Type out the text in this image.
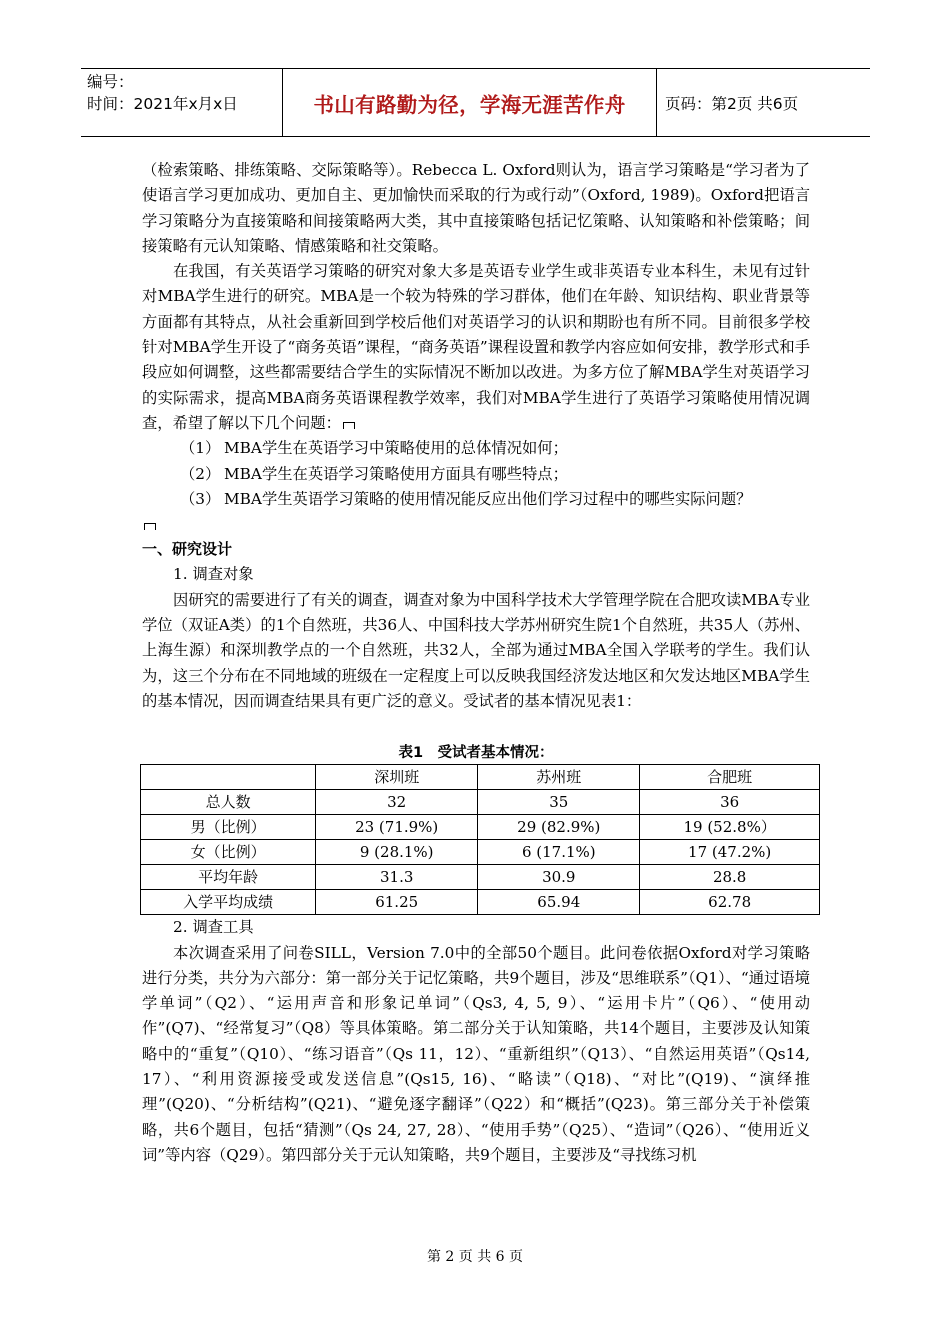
编号：
时间：2021年x月x日	书山有路勤为径，学海无涯苦作舟	页码：第2页 共6页

（检索策略、排练策略、交际策略等）。Rebecca L. Oxford则认为，语言学习策略是“学习者为了使语言学习更加成功、更加自主、更加愉快而采取的行为或行动”（Oxford, 1989)。Oxford把语言学习策略分为直接策略和间接策略两大类，其中直接策略包括记忆策略、认知策略和补偿策略；间接策略有元认知策略、情感策略和社交策略。

在我国，有关英语学习策略的研究对象大多是英语专业学生或非英语专业本科生，未见有过针对MBA学生进行的研究。MBA是一个较为特殊的学习群体，他们在年龄、知识结构、职业背景等方面都有其特点，从社会重新回到学校后他们对英语学习的认识和期盼也有所不同。目前很多学校针对MBA学生开设了“商务英语”课程，“商务英语”课程设置和教学内容应如何安排，教学形式和手段应如何调整，这些都需要结合学生的实际情况不断加以改进。为多方位了解MBA学生对英语学习的实际需求，提高MBA商务英语课程教学效率，我们对MBA学生进行了英语学习策略使用情况调查，希望了解以下几个问题：

（1） MBA学生在英语学习中策略使用的总体情况如何；

（2） MBA学生在英语学习策略使用方面具有哪些特点；

（3） MBA学生英语学习策略的使用情况能反应出他们学习过程中的哪些实际问题？

一、研究设计

1. 调查对象

因研究的需要进行了有关的调查，调查对象为中国科学技术大学管理学院在合肥攻读MBA专业学位（双证A类）的1个自然班，共36人、中国科技大学苏州研究生院1个自然班，共35人（苏州、上海生源）和深圳教学点的一个自然班，共32人，全部为通过MBA全国入学联考的学生。我们认为，这三个分布在不同地域的班级在一定程度上可以反映我国经济发达地区和欠发达地区MBA学生的基本情况，因而调查结果具有更广泛的意义。受试者的基本情况见表1：

表1　受试者基本情况：

	深圳班	苏州班	合肥班
总人数	32	35	36
男（比例）	23 (71.9%)	29 (82.9%)	19 (52.8%）
女（比例）	9 (28.1%)	6 (17.1%)	17 (47.2%)
平均年龄	31.3	30.9	28.8
入学平均成绩	61.25	65.94	62.78

2. 调查工具

本次调查采用了问卷SILL，Version 7.0中的全部50个题目。此问卷依据Oxford对学习策略进行分类，共分为六部分：第一部分关于记忆策略，共9个题目，涉及“思维联系”（Q1）、“通过语境学单词”（Q2）、“运用声音和形象记单词”（Qs3, 4, 5, 9）、“运用卡片”（Q6）、“使用动作”(Q7)、“经常复习”（Q8）等具体策略。第二部分关于认知策略，共14个题目，主要涉及认知策略中的“重复”（Q10）、“练习语音”（Qs 11，12）、“重新组织”（Q13）、“自然运用英语”（Qs14, 17）、“利用资源接受或发送信息”(Qs15, 16)、“略读”（Q18)、“对比”(Q19)、“演绎推理”(Q20)、“分析结构”(Q21)、“避免逐字翻译”（Q22）和“概括”(Q23)。第三部分关于补偿策略，共6个题目，包括“猜测”（Qs 24, 27, 28）、“使用手势”（Q25）、“造词”（Q26）、“使用近义词”等内容（Q29）。第四部分关于元认知策略，共9个题目，主要涉及“寻找练习机

第 2 页 共 6 页
